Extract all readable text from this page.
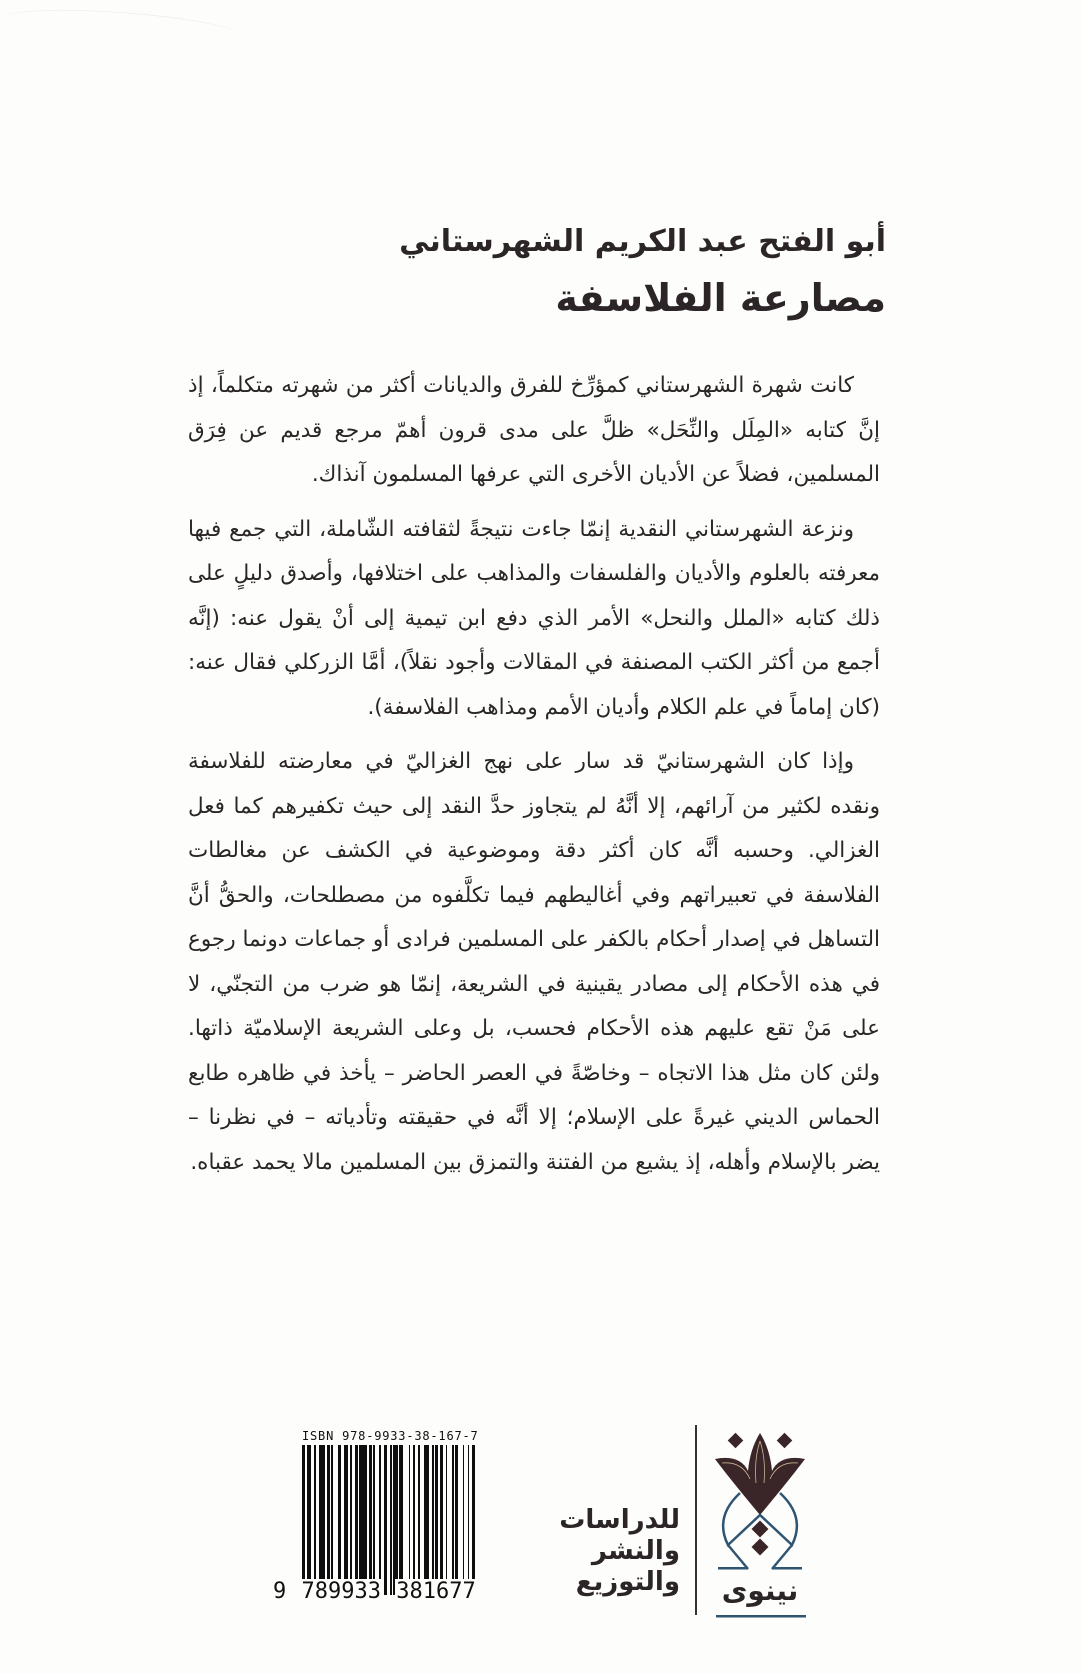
أبو الفتح عبد الكريم الشهرستاني
مصارعة الفلاسفة

كانت شهرة الشهرستاني كمؤرِّخ للفرق والديانات أكثر من شهرته متكلماً، إذ إنَّ كتابه «المِلَل والنِّحَل» ظلَّ على مدى قرون أهمّ مرجع قديم عن فِرَق المسلمين، فضلاً عن الأديان الأخرى التي عرفها المسلمون آنذاك.

ونزعة الشهرستاني النقدية إنمّا جاءت نتيجةً لثقافته الشّاملة، التي جمع فيها معرفته بالعلوم والأديان والفلسفات والمذاهب على اختلافها، وأصدق دليلٍ على ذلك كتابه «الملل والنحل» الأمر الذي دفع ابن تيمية إلى أنْ يقول عنه: (إنَّه أجمع من أكثر الكتب المصنفة في المقالات وأجود نقلاً)، أمَّا الزركلي فقال عنه: (كان إماماً في علم الكلام وأديان الأمم ومذاهب الفلاسفة).

وإذا كان الشهرستانيّ قد سار على نهج الغزاليّ في معارضته للفلاسفة ونقده لكثير من آرائهم، إلا أنَّهُ لم يتجاوز حدَّ النقد إلى حيث تكفيرهم كما فعل الغزالي. وحسبه أنَّه كان أكثر دقة وموضوعية في الكشف عن مغالطات الفلاسفة في تعبيراتهم وفي أغاليطهم فيما تكلَّفوه من مصطلحات، والحقُّ أنَّ التساهل في إصدار أحكام بالكفر على المسلمين فرادى أو جماعات دونما رجوع في هذه الأحكام إلى مصادر يقينية في الشريعة، إنمّا هو ضرب من التجنّي، لا على مَنْ تقع عليهم هذه الأحكام فحسب، بل وعلى الشريعة الإسلاميّة ذاتها. ولئن كان مثل هذا الاتجاه – وخاصّةً في العصر الحاضر – يأخذ في ظاهره طابع الحماس الديني غيرةً على الإسلام؛ إلا أنَّه في حقيقته وتأدياته – في نظرنا – يضر بالإسلام وأهله، إذ يشيع من الفتنة والتمزق بين المسلمين مالا يحمد عقباه.

ISBN 978-9933-38-167-7
9 789933 381677
للدراسات
والنشر
والتوزيع	نينوى
